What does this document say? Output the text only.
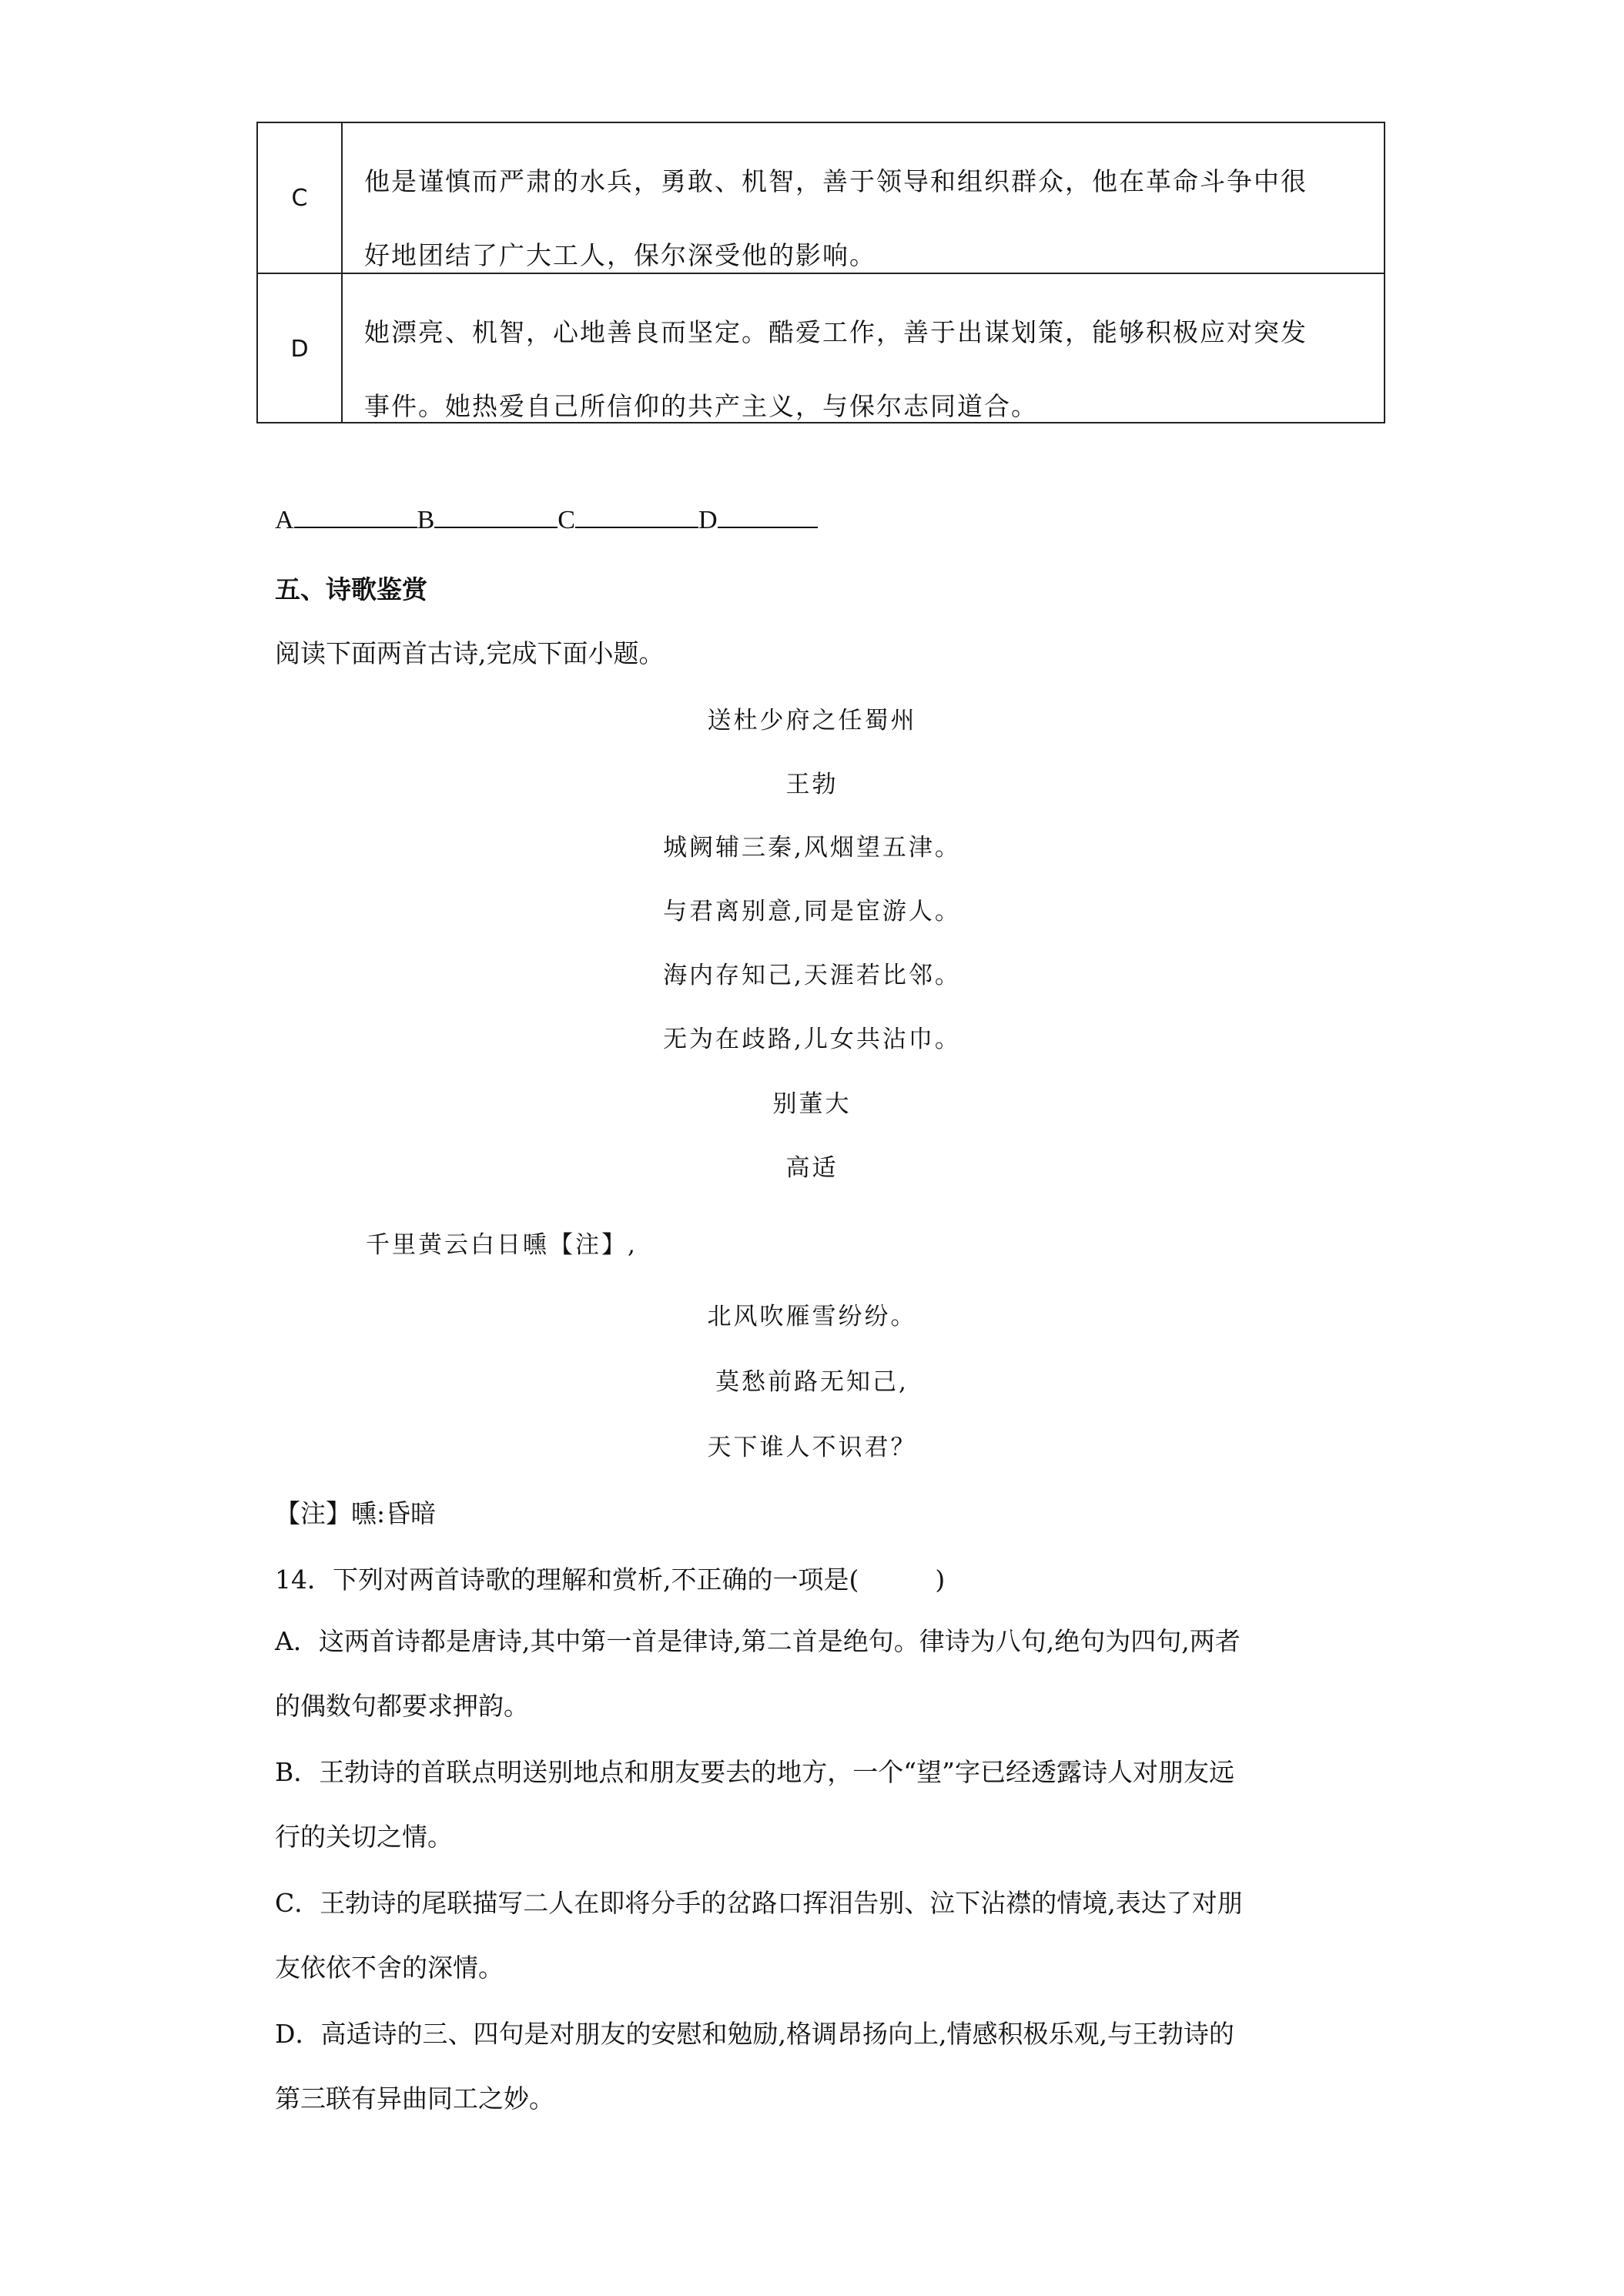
C
他是谨慎而严肃的水兵，勇敢、机智，善于领导和组织群众，他在革命斗争中很
好地团结了广大工人，保尔深受他的影响。
D
她漂亮、机智，心地善良而坚定。酷爱工作，善于出谋划策，能够积极应对突发
事件。她热爱自己所信仰的共产主义，与保尔志同道合。
A	B	C	D
五、诗歌鉴赏
阅读下面两首古诗,完成下面小题。
送杜少府之任蜀州
王勃
城阙辅三秦,风烟望五津。
与君离别意,同是宦游人。
海内存知己,天涯若比邻。
无为在歧路,儿女共沾巾。
别董大
高适
千里黄云白日曛【注】,
北风吹雁雪纷纷。
莫愁前路无知己,
天下谁人不识君？
【注】曛:昏暗
14．下列对两首诗歌的理解和赏析,不正确的一项是(　　　)
A．这两首诗都是唐诗,其中第一首是律诗,第二首是绝句。律诗为八句,绝句为四句,两者
的偶数句都要求押韵。
B．王勃诗的首联点明送别地点和朋友要去的地方，一个“望”字已经透露诗人对朋友远
行的关切之情。
C．王勃诗的尾联描写二人在即将分手的岔路口挥泪告别、泣下沾襟的情境,表达了对朋
友依依不舍的深情。
D．高适诗的三、四句是对朋友的安慰和勉励,格调昂扬向上,情感积极乐观,与王勃诗的
第三联有异曲同工之妙。
